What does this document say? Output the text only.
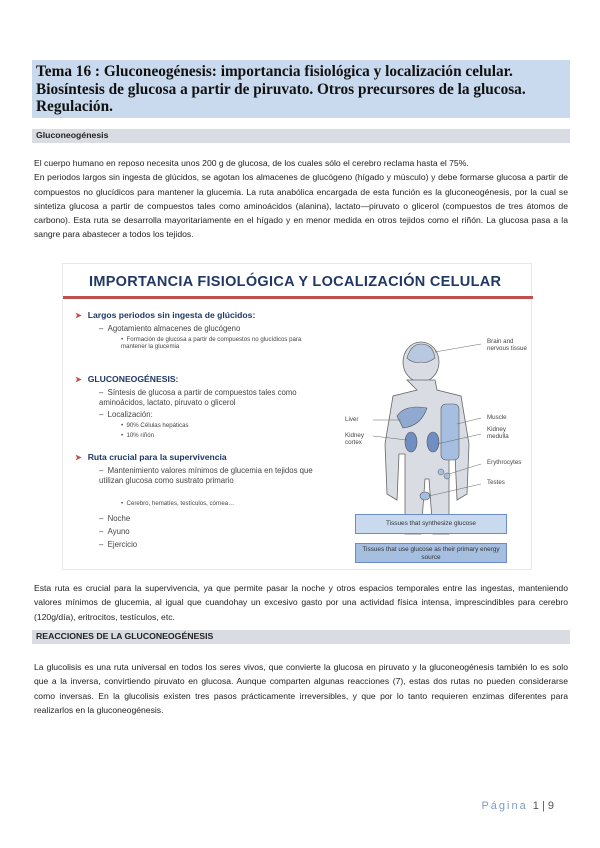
Tema 16 : Gluconeogénesis: importancia fisiológica y localización celular. Biosíntesis de glucosa a partir de piruvato. Otros precursores de la glucosa. Regulación.
Gluconeogénesis
El cuerpo humano en reposo necesita unos 200 g de glucosa, de los cuales sólo el cerebro reclama hasta el 75%.
En periodos largos sin ingesta de glúcidos, se agotan los almacenes de glucógeno (hígado y músculo) y debe formarse glucosa a partir de compuestos no glucídicos para mantener la glucemia. La ruta anabólica encargada de esta función es la gluconeogénesis, por la cual se sintetiza glucosa a partir de compuestos tales como aminoácidos (alanina), lactato—piruvato o glicerol (compuestos de tres átomos de carbono). Esta ruta se desarrolla mayoritariamente en el hígado y en menor medida en otros tejidos como el riñón. La glucosa pasa a la sangre para abastecer a todos los tejidos.
IMPORTANCIA FISIOLÓGICA Y LOCALIZACIÓN CELULAR
➤ Largos periodos sin ingesta de glúcidos:
–  Agotamiento almacenes de glucógeno
•  Formación de glucosa a partir de compuestos no glucídicos para mantener la glucemia
➤ GLUCONEOGÉNESIS:
–  Síntesis de glucosa a partir de compuestos tales como aminoácidos, lactato, piruvato o glicerol
–  Localización:
•  90% Células hepáticas
•  10% riñón
➤ Ruta crucial para la supervivencia
–  Mantenimiento valores mínimos de glucemia en tejidos que utilizan glucosa como sustrato primario
•  Cerebro, hematíes, testículos, córnea…
–  Noche
–  Ayuno
–  Ejercicio
Brain and nervous tissue
Muscle
Liver
Kidney cortex
Kidney medulla
Erythrocytes
Testes
Tissues that synthesize glucose
Tissues that use glucose as their primary energy source
Esta ruta es crucial para la supervivencia, ya que permite pasar la noche y otros espacios temporales entre las ingestas, manteniendo valores mínimos de glucemia, al igual que cuandohay un excesivo gasto por una actividad física intensa, imprescindibles para cerebro (120g/día), eritrocitos, testículos, etc.
REACCIONES DE LA GLUCONEOGÉNESIS
La glucolisis es una ruta universal en todos los seres vivos, que convierte la glucosa en piruvato y la gluconeogénesis también lo es solo que a la inversa, convirtiendo piruvato en glucosa. Aunque comparten algunas reacciones (7), estas dos rutas no pueden considerarse como inversas. En la glucolisis existen tres pasos prácticamente irreversibles, y que por lo tanto requieren enzimas diferentes para realizarlos en la gluconeogénesis.
Página 1 | 9
